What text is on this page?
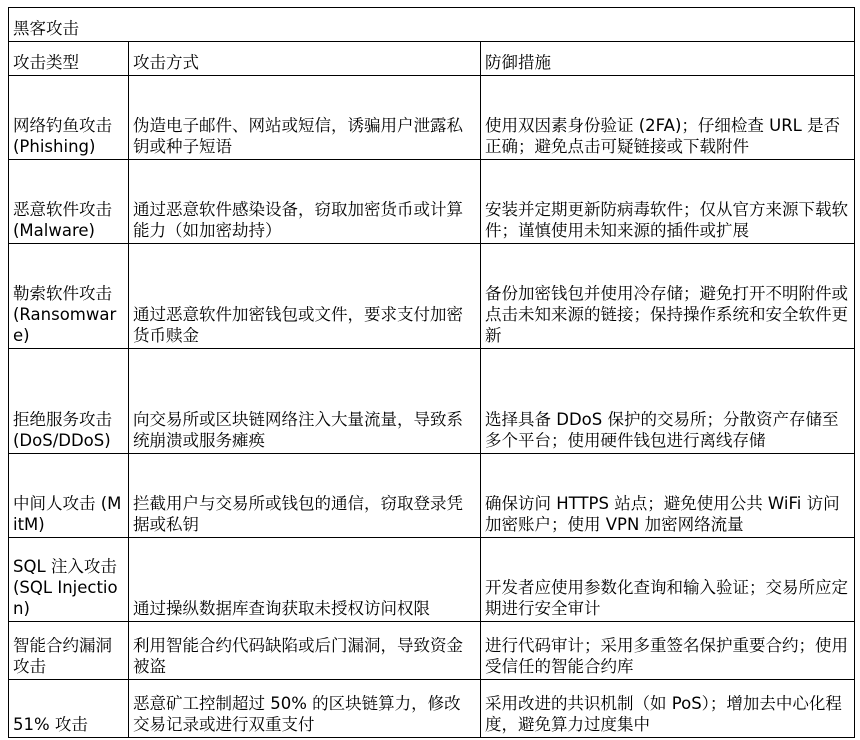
黑客攻击		
攻击类型	攻击方式	防御措施
网络钓鱼攻击 (Phishing)	伪造电子邮件、网站或短信，诱骗用户泄露私钥或种子短语	使用双因素身份验证 (2FA)；仔细检查 URL 是否正确；避免点击可疑链接或下载附件
恶意软件攻击 (Malware)	通过恶意软件感染设备，窃取加密货币或计算能力（如加密劫持）	安装并定期更新防病毒软件；仅从官方来源下载软件；谨慎使用未知来源的插件或扩展
勒索软件攻击 (Ransomware)	通过恶意软件加密钱包或文件，要求支付加密货币赎金	备份加密钱包并使用冷存储；避免打开不明附件或点击未知来源的链接；保持操作系统和安全软件更新
拒绝服务攻击 (DoS/DDoS)	向交易所或区块链网络注入大量流量，导致系统崩溃或服务瘫痪	选择具备 DDoS 保护的交易所；分散资产存储至多个平台；使用硬件钱包进行离线存储
中间人攻击 (MitM)	拦截用户与交易所或钱包的通信，窃取登录凭据或私钥	确保访问 HTTPS 站点；避免使用公共 WiFi 访问加密账户；使用 VPN 加密网络流量
SQL 注入攻击 (SQL Injection)	通过操纵数据库查询获取未授权访问权限	开发者应使用参数化查询和输入验证；交易所应定期进行安全审计
智能合约漏洞攻击	利用智能合约代码缺陷或后门漏洞，导致资金被盗	进行代码审计；采用多重签名保护重要合约；使用受信任的智能合约库
51% 攻击	恶意矿工控制超过 50% 的区块链算力，修改交易记录或进行双重支付	采用改进的共识机制（如 PoS）；增加去中心化程度，避免算力过度集中
